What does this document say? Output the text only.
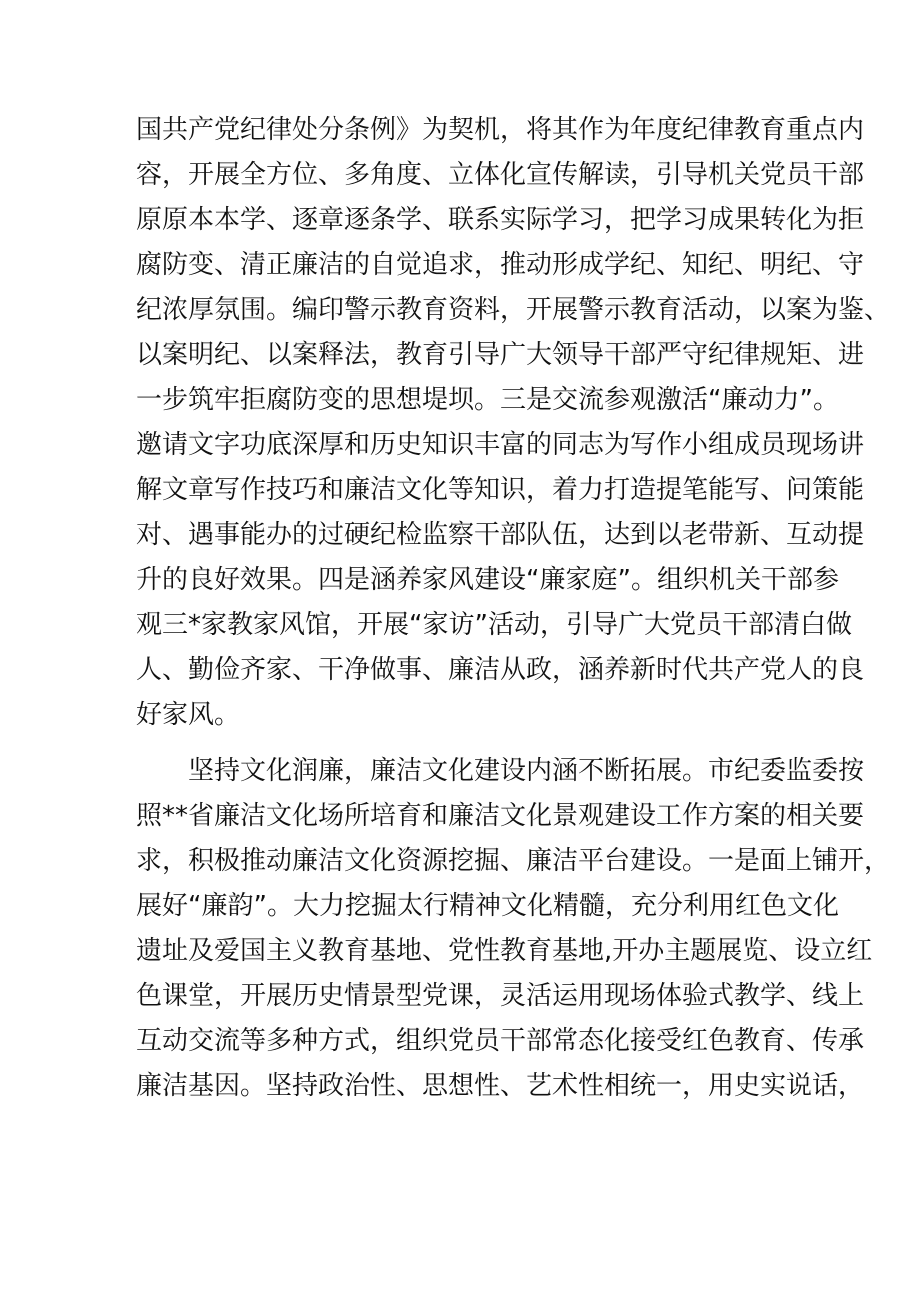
国共产党纪律处分条例》为契机，将其作为年度纪律教育重点内
容，开展全方位、多角度、立体化宣传解读，引导机关党员干部
原原本本学、逐章逐条学、联系实际学习，把学习成果转化为拒
腐防变、清正廉洁的自觉追求，推动形成学纪、知纪、明纪、守
纪浓厚氛围。编印警示教育资料，开展警示教育活动，以案为鉴、
以案明纪、以案释法，教育引导广大领导干部严守纪律规矩、进
一步筑牢拒腐防变的思想堤坝。三是交流参观激活“廉动力”。
邀请文字功底深厚和历史知识丰富的同志为写作小组成员现场讲
解文章写作技巧和廉洁文化等知识，着力打造提笔能写、问策能
对、遇事能办的过硬纪检监察干部队伍，达到以老带新、互动提
升的良好效果。四是涵养家风建设“廉家庭”。组织机关干部参
观三*家教家风馆，开展“家访”活动，引导广大党员干部清白做
人、勤俭齐家、干净做事、廉洁从政，涵养新时代共产党人的良
好家风。
坚持文化润廉，廉洁文化建设内涵不断拓展。市纪委监委按
照**省廉洁文化场所培育和廉洁文化景观建设工作方案的相关要
求，积极推动廉洁文化资源挖掘、廉洁平台建设。一是面上铺开，
展好“廉韵”。大力挖掘太行精神文化精髓，充分利用红色文化
遗址及爱国主义教育基地、党性教育基地,开办主题展览、设立红
色课堂，开展历史情景型党课，灵活运用现场体验式教学、线上
互动交流等多种方式，组织党员干部常态化接受红色教育、传承
廉洁基因。坚持政治性、思想性、艺术性相统一，用史实说话，
